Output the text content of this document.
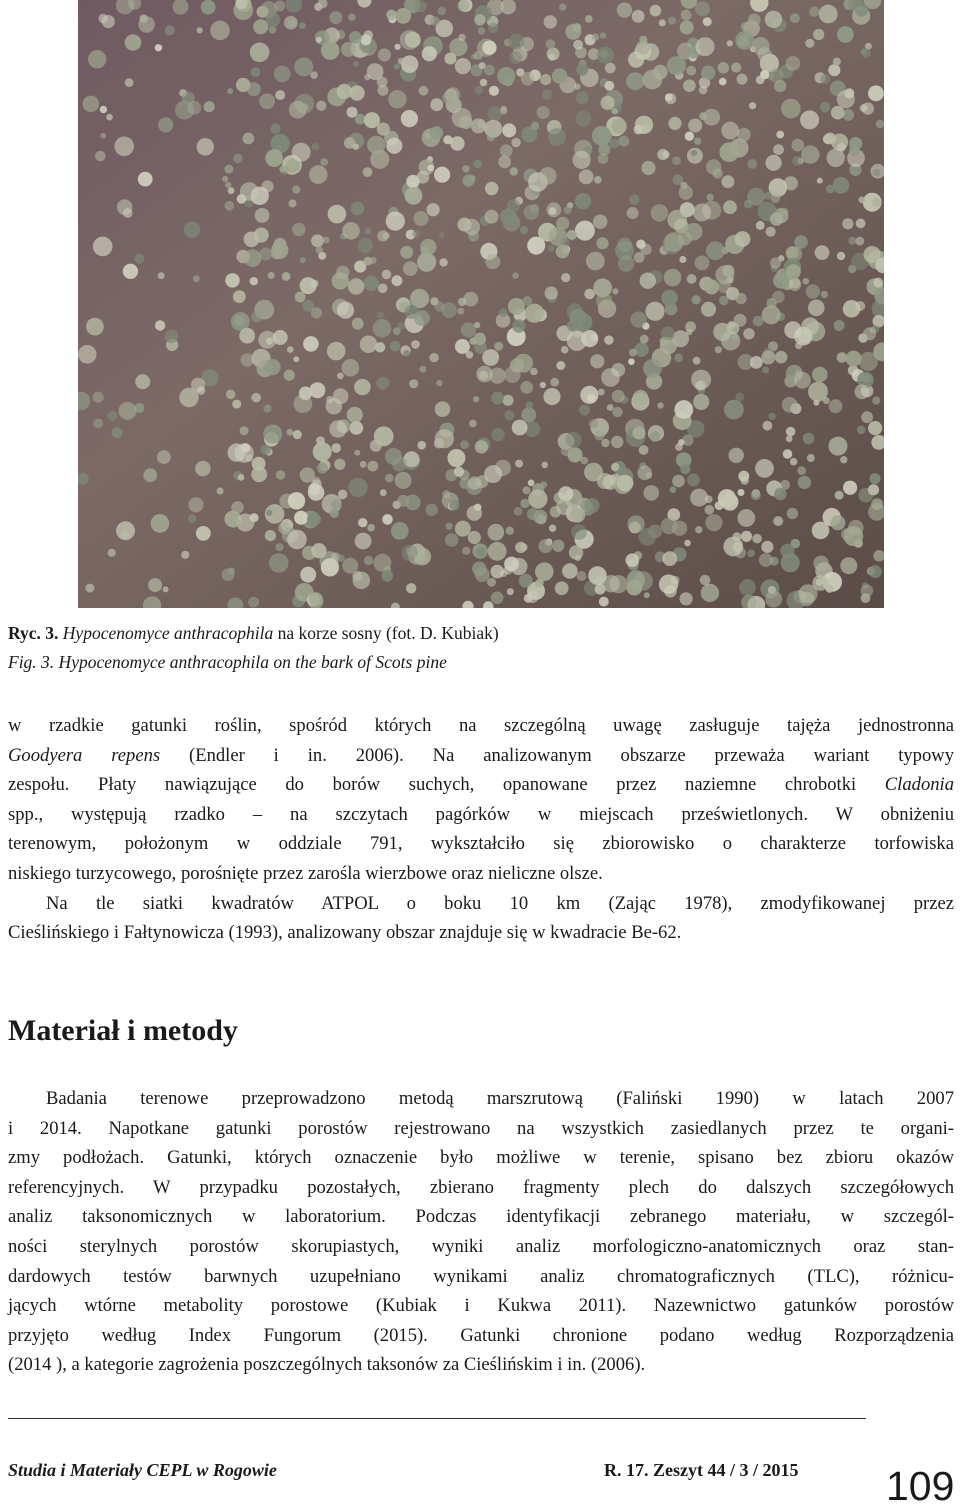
Ryc. 3. Hypocenomyce anthracophila na korze sosny (fot. D. Kubiak)
Fig. 3. Hypocenomyce anthracophila on the bark of Scots pine
w rzadkie gatunki roślin, spośród których na szczególną uwagę zasługuje tajęża jednostronna
Goodyera repens (Endler i in. 2006). Na analizowanym obszarze przeważa wariant typowy
zespołu. Płaty nawiązujące do borów suchych, opanowane przez naziemne chrobotki Cladonia
spp., występują rzadko – na szczytach pagórków w miejscach prześwietlonych. W obniżeniu
terenowym, położonym w oddziale 791, wykształciło się zbiorowisko o charakterze torfowiska
niskiego turzycowego, porośnięte przez zarośla wierzbowe oraz nieliczne olsze.
Na tle siatki kwadratów ATPOL o boku 10 km (Zając 1978), zmodyfikowanej przez
Cieślińskiego i Fałtynowicza (1993), analizowany obszar znajduje się w kwadracie Be-62.
Materiał i metody
Badania terenowe przeprowadzono metodą marszrutową (Faliński 1990) w latach 2007
i 2014. Napotkane gatunki porostów rejestrowano na wszystkich zasiedlanych przez te organi-
zmy podłożach. Gatunki, których oznaczenie było możliwe w terenie, spisano bez zbioru okazów
referencyjnych. W przypadku pozostałych, zbierano fragmenty plech do dalszych szczegółowych
analiz taksonomicznych w laboratorium. Podczas identyfikacji zebranego materiału, w szczegól-
ności sterylnych porostów skorupiastych, wyniki analiz morfologiczno-anatomicznych oraz stan-
dardowych testów barwnych uzupełniano wynikami analiz chromatograficznych (TLC), różnicu-
jących wtórne metabolity porostowe (Kubiak i Kukwa 2011). Nazewnictwo gatunków porostów
przyjęto według Index Fungorum (2015). Gatunki chronione podano według Rozporządzenia
(2014 ), a kategorie zagrożenia poszczególnych taksonów za Cieślińskim i in. (2006).
Studia i Materiały CEPL w Rogowie	R. 17. Zeszyt 44 / 3 / 2015 109
